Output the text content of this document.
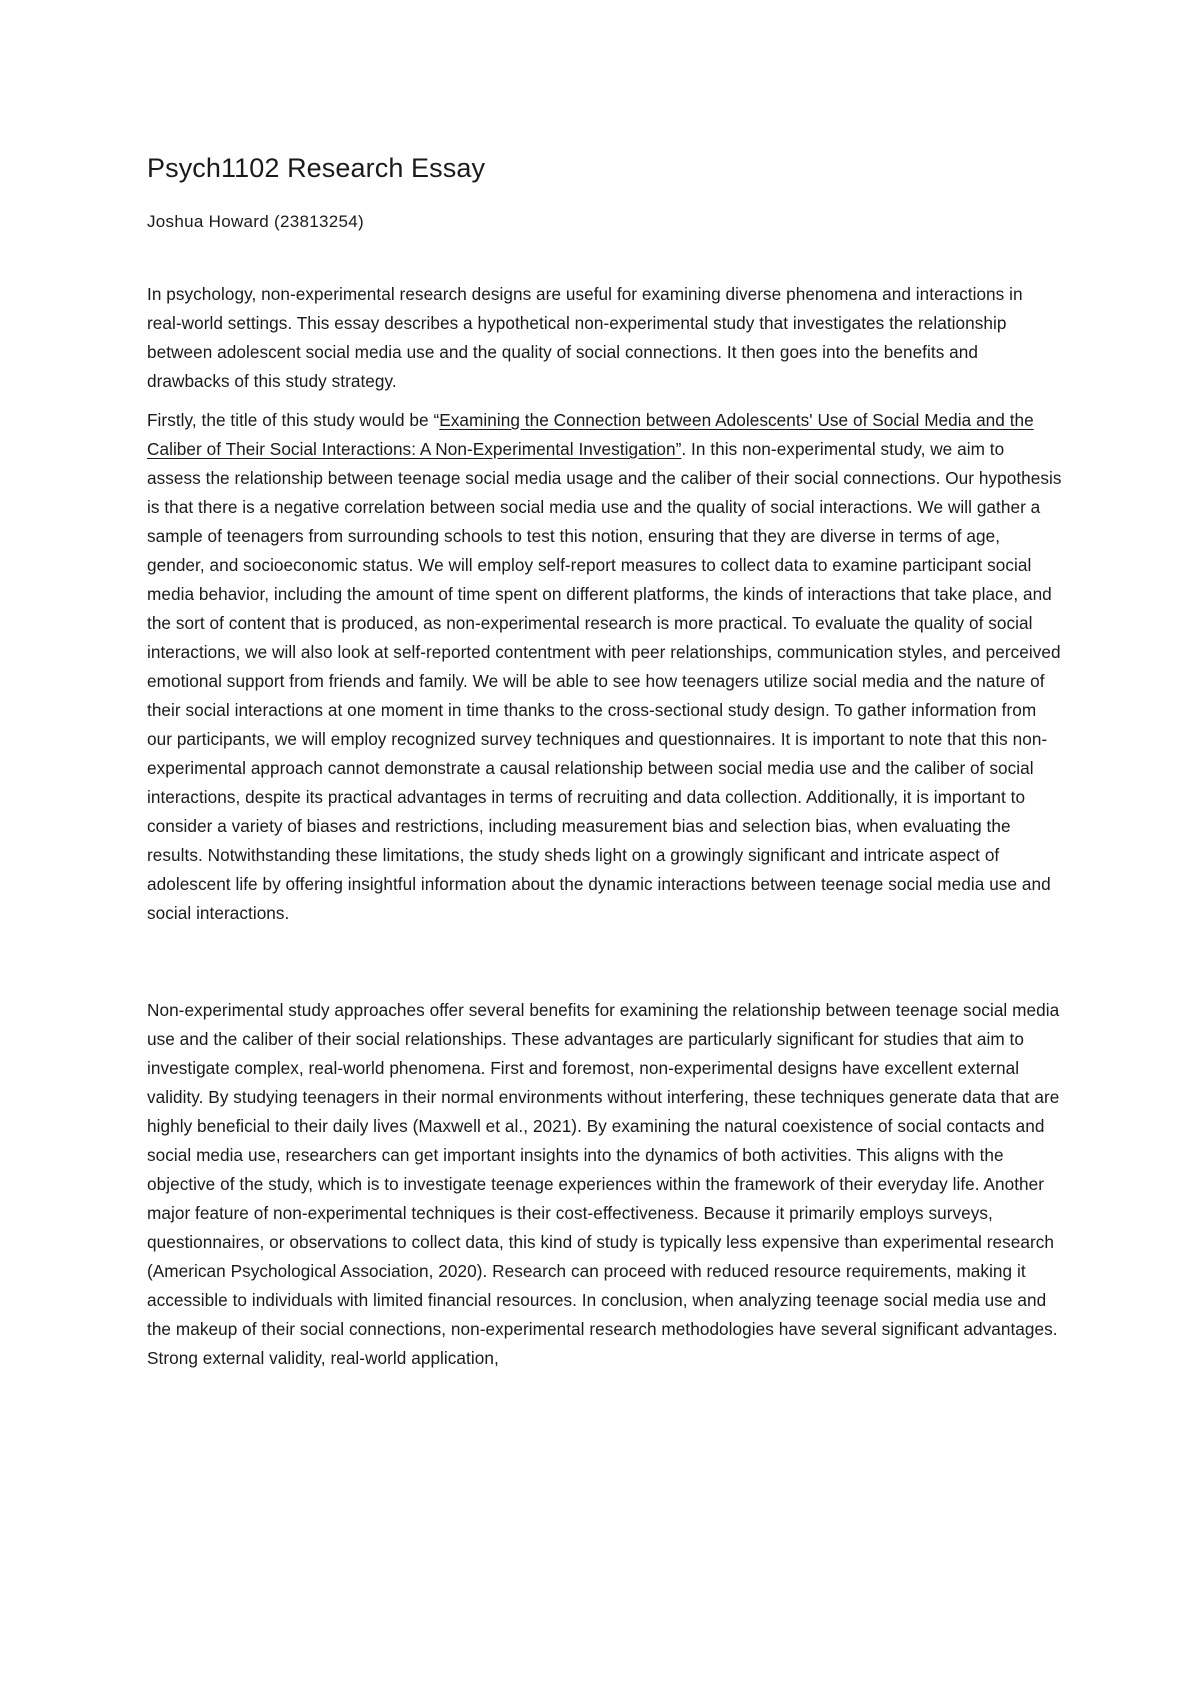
Psych1102 Research Essay
Joshua Howard (23813254)

In psychology, non-experimental research designs are useful for examining diverse phenomena and interactions in real-world settings. This essay describes a hypothetical non-experimental study that investigates the relationship between adolescent social media use and the quality of social connections. It then goes into the benefits and drawbacks of this study strategy.

Firstly, the title of this study would be “Examining the Connection between Adolescents' Use of Social Media and the Caliber of Their Social Interactions: A Non-Experimental Investigation”. In this non-experimental study, we aim to assess the relationship between teenage social media usage and the caliber of their social connections. Our hypothesis is that there is a negative correlation between social media use and the quality of social interactions. We will gather a sample of teenagers from surrounding schools to test this notion, ensuring that they are diverse in terms of age, gender, and socioeconomic status. We will employ self-report measures to collect data to examine participant social media behavior, including the amount of time spent on different platforms, the kinds of interactions that take place, and the sort of content that is produced, as non-experimental research is more practical. To evaluate the quality of social interactions, we will also look at self-reported contentment with peer relationships, communication styles, and perceived emotional support from friends and family. We will be able to see how teenagers utilize social media and the nature of their social interactions at one moment in time thanks to the cross-sectional study design. To gather information from our participants, we will employ recognized survey techniques and questionnaires. It is important to note that this non-experimental approach cannot demonstrate a causal relationship between social media use and the caliber of social interactions, despite its practical advantages in terms of recruiting and data collection. Additionally, it is important to consider a variety of biases and restrictions, including measurement bias and selection bias, when evaluating the results. Notwithstanding these limitations, the study sheds light on a growingly significant and intricate aspect of adolescent life by offering insightful information about the dynamic interactions between teenage social media use and social interactions.

Non-experimental study approaches offer several benefits for examining the relationship between teenage social media use and the caliber of their social relationships. These advantages are particularly significant for studies that aim to investigate complex, real-world phenomena. First and foremost, non-experimental designs have excellent external validity. By studying teenagers in their normal environments without interfering, these techniques generate data that are highly beneficial to their daily lives (Maxwell et al., 2021). By examining the natural coexistence of social contacts and social media use, researchers can get important insights into the dynamics of both activities. This aligns with the objective of the study, which is to investigate teenage experiences within the framework of their everyday life. Another major feature of non-experimental techniques is their cost-effectiveness. Because it primarily employs surveys, questionnaires, or observations to collect data, this kind of study is typically less expensive than experimental research (American Psychological Association, 2020). Research can proceed with reduced resource requirements, making it accessible to individuals with limited financial resources. In conclusion, when analyzing teenage social media use and the makeup of their social connections, non-experimental research methodologies have several significant advantages. Strong external validity, real-world application,
